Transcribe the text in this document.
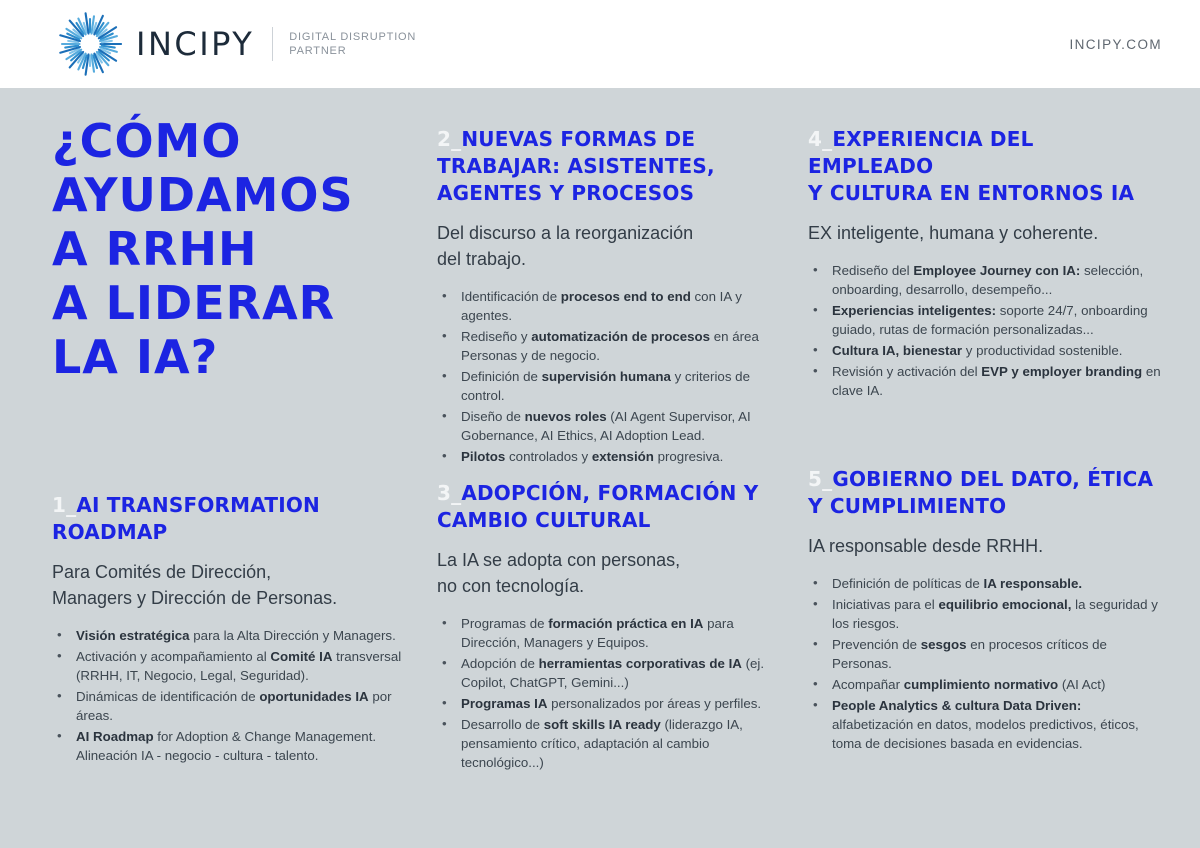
INCIPY	DIGITAL DISRUPTION
PARTNER	INCIPY.COM
¿CÓMO
AYUDAMOS
A RRHH
A LIDERAR
LA IA?
1_AI TRANSFORMATION
ROADMAP
Para Comités de Dirección,
Managers y Dirección de Personas.
• Visión estratégica para la Alta Dirección y Managers.
• Activación y acompañamiento al Comité IA transversal (RRHH, IT, Negocio, Legal, Seguridad).
• Dinámicas de identificación de oportunidades IA por áreas.
• AI Roadmap for Adoption & Change Management. Alineación IA - negocio - cultura - talento.
2_NUEVAS FORMAS DE
TRABAJAR: ASISTENTES,
AGENTES Y PROCESOS
Del discurso a la reorganización
del trabajo.
• Identificación de procesos end to end con IA y agentes.
• Rediseño y automatización de procesos en área Personas y de negocio.
• Definición de supervisión humana y criterios de control.
• Diseño de nuevos roles (AI Agent Supervisor, AI Gobernance, AI Ethics, AI Adoption Lead.
• Pilotos controlados y extensión progresiva.
3_ADOPCIÓN, FORMACIÓN Y
CAMBIO CULTURAL
La IA se adopta con personas,
no con tecnología.
• Programas de formación práctica en IA para Dirección, Managers y Equipos.
• Adopción de herramientas corporativas de IA (ej. Copilot, ChatGPT, Gemini...)
• Programas IA personalizados por áreas y perfiles.
• Desarrollo de soft skills IA ready (liderazgo IA, pensamiento crítico, adaptación al cambio tecnológico...)
4_EXPERIENCIA DEL EMPLEADO
Y CULTURA EN ENTORNOS IA
EX inteligente, humana y coherente.
• Rediseño del Employee Journey con IA: selección, onboarding, desarrollo, desempeño...
• Experiencias inteligentes: soporte 24/7, onboarding guiado, rutas de formación personalizadas...
• Cultura IA, bienestar y productividad sostenible.
• Revisión y activación del EVP y employer branding en clave IA.
5_GOBIERNO DEL DATO, ÉTICA
Y CUMPLIMIENTO
IA responsable desde RRHH.
• Definición de políticas de IA responsable.
• Iniciativas para el equilibrio emocional, la seguridad y los riesgos.
• Prevención de sesgos en procesos críticos de Personas.
• Acompañar cumplimiento normativo (AI Act)
• People Analytics & cultura Data Driven: alfabetización en datos, modelos predictivos, éticos, toma de decisiones basada en evidencias.
